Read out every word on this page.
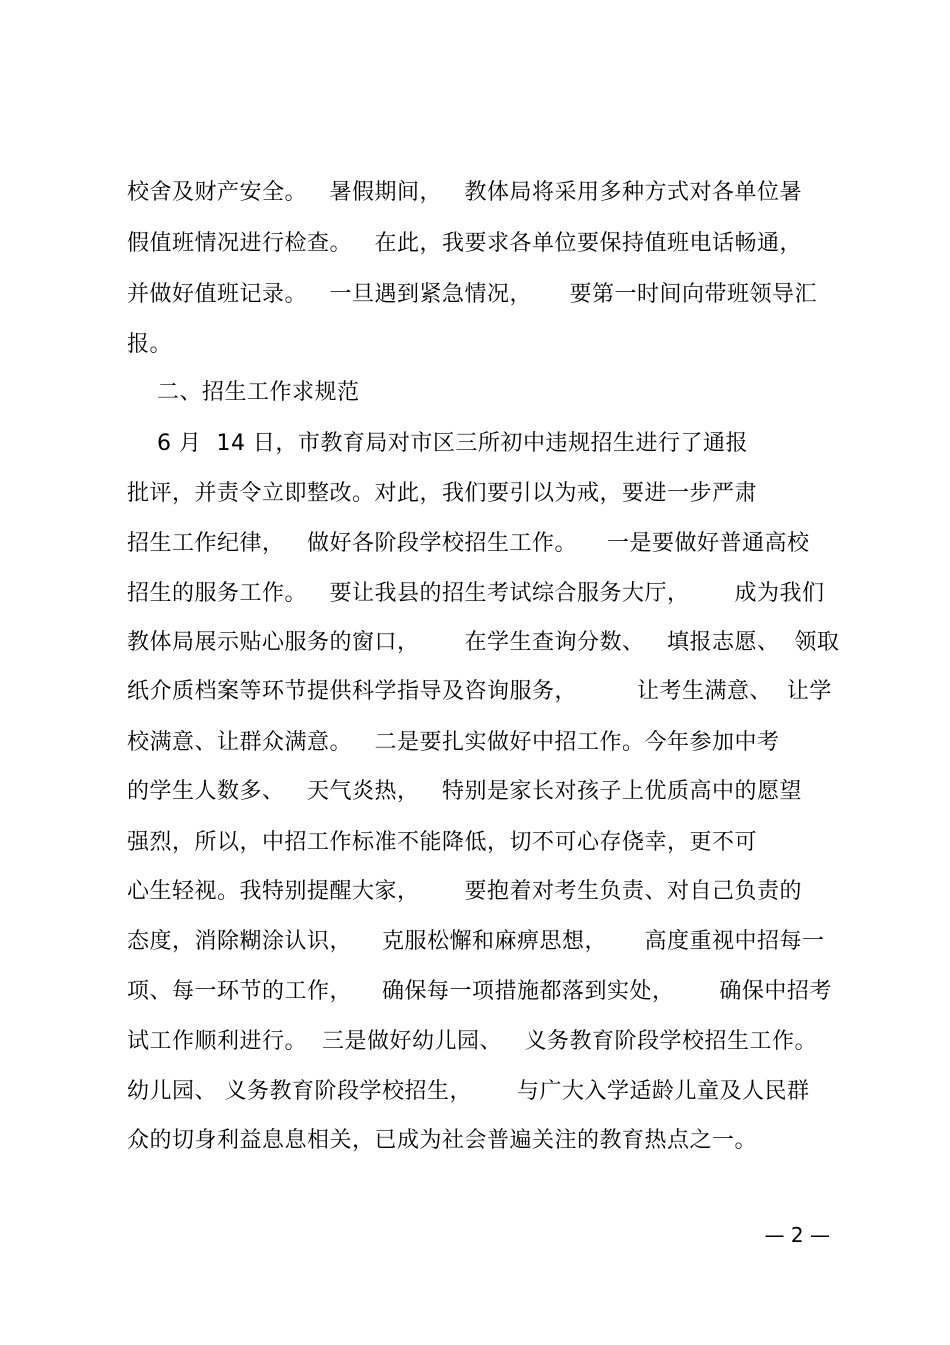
校舍及财产安全。   暑假期间，   教体局将采用多种方式对各单位暑
假值班情况进行检查。   在此，我要求各单位要保持值班电话畅通，
并做好值班记录。   一旦遇到紧急情况，     要第一时间向带班领导汇
报。
二、招生工作求规范
6 月  14 日，市教育局对市区三所初中违规招生进行了通报
批评，并责令立即整改。对此，我们要引以为戒，要进一步严肃
招生工作纪律，   做好各阶段学校招生工作。    一是要做好普通高校
招生的服务工作。   要让我县的招生考试综合服务大厅，      成为我们
教体局展示贴心服务的窗口，      在学生查询分数、   填报志愿、  领取
纸介质档案等环节提供科学指导及咨询服务，        让考生满意、  让学
校满意、让群众满意。   二是要扎实做好中招工作。今年参加中考
的学生人数多、   天气炎热，   特别是家长对孩子上优质高中的愿望
强烈，所以，中招工作标准不能降低，切不可心存侥幸，更不可
心生轻视。我特别提醒大家，      要抱着对考生负责、对自己负责的
态度，消除糊涂认识，    克服松懈和麻痹思想，     高度重视中招每一
项、每一环节的工作，    确保每一项措施都落到实处，      确保中招考
试工作顺利进行。  三是做好幼儿园、   义务教育阶段学校招生工作。
幼儿园、 义务教育阶段学校招生，      与广大入学适龄儿童及人民群
众的切身利益息息相关，已成为社会普遍关注的教育热点之一。
— 2 —
